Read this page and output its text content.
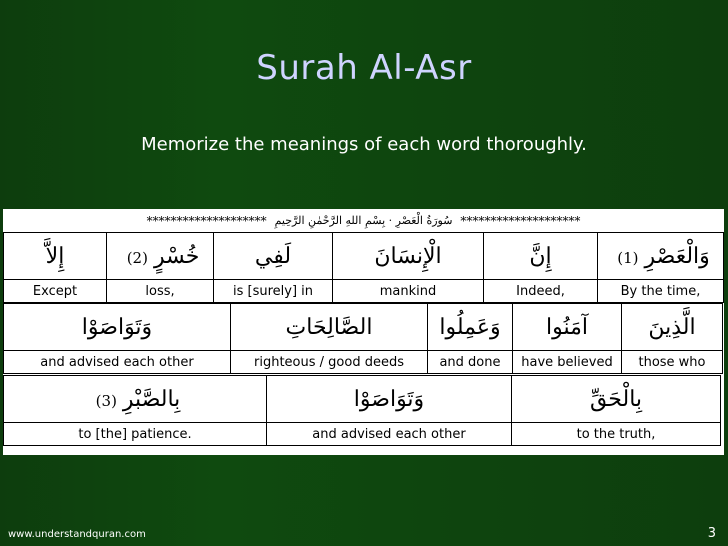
Surah Al-Asr
Memorize the meanings of each word thoroughly.
******************** سُورَةُ الْعَصْرِ · بِسْمِ اللهِ الرَّحْمٰنِ الرَّحِيمِ ********************
إِلاَّ	(2) خُسْرٍ	لَفِي	الْإِنسَانَ	إِنَّ	(1) وَالْعَصْرِ
Except	loss,	is [surely] in	mankind	Indeed,	By the time,
وَتَوَاصَوْا	الصَّالِحَاتِ	وَعَمِلُوا	آمَنُوا	الَّذِينَ
and advised each other	righteous / good deeds	and done	have believed	those who
(3) بِالصَّبْرِ	وَتَوَاصَوْا	بِالْحَقِّ
to [the] patience.	and advised each other	to the truth,
www.understandquran.com	3
